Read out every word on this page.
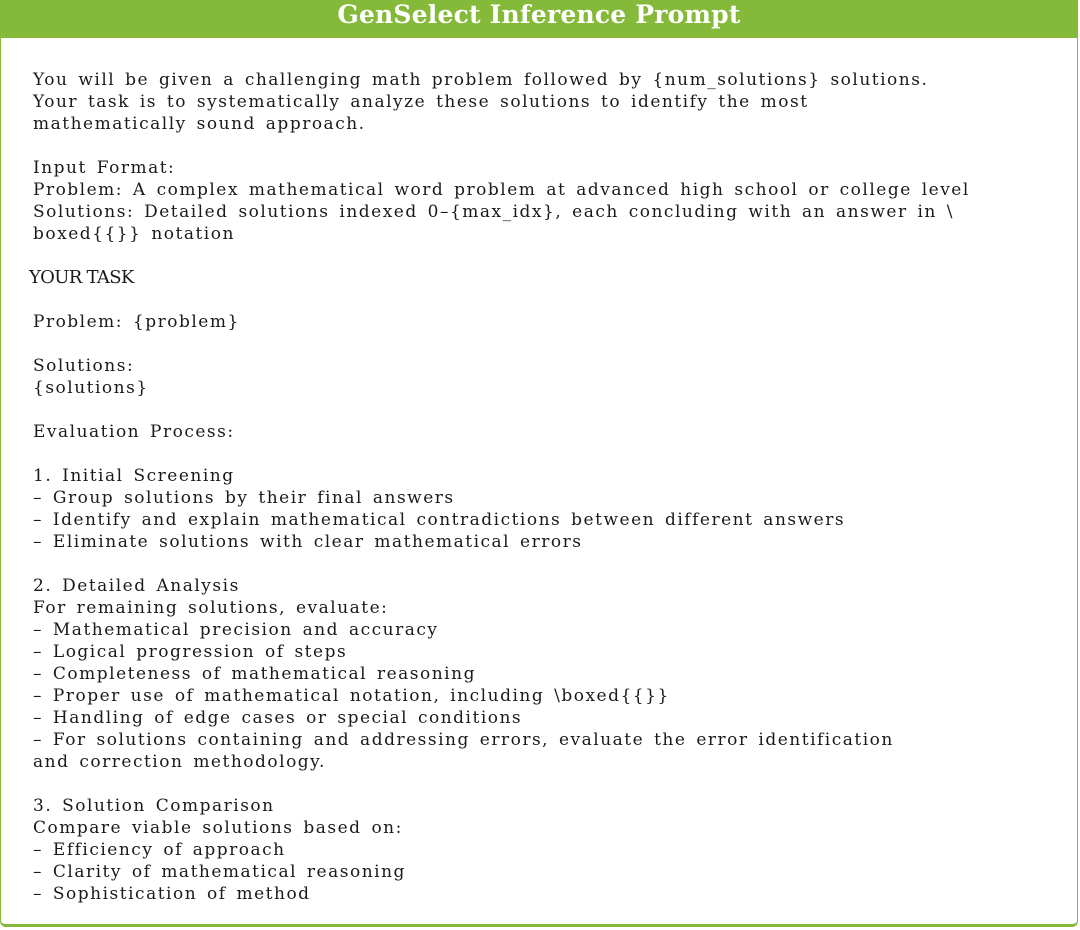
GenSelect Inference Prompt
You will be given a challenging math problem followed by {num_solutions} solutions.
Your task is to systematically analyze these solutions to identify the most
mathematically sound approach.
Input Format:
Problem: A complex mathematical word problem at advanced high school or college level
Solutions: Detailed solutions indexed 0–{max_idx}, each concluding with an answer in \
boxed{{}} notation
YOUR TASK
Problem: {problem}
Solutions:
{solutions}
Evaluation Process:
1. Initial Screening
– Group solutions by their final answers
– Identify and explain mathematical contradictions between different answers
– Eliminate solutions with clear mathematical errors
2. Detailed Analysis
For remaining solutions, evaluate:
– Mathematical precision and accuracy
– Logical progression of steps
– Completeness of mathematical reasoning
– Proper use of mathematical notation, including \boxed{{}}
– Handling of edge cases or special conditions
– For solutions containing and addressing errors, evaluate the error identification
and correction methodology.
3. Solution Comparison
Compare viable solutions based on:
– Efficiency of approach
– Clarity of mathematical reasoning
– Sophistication of method
